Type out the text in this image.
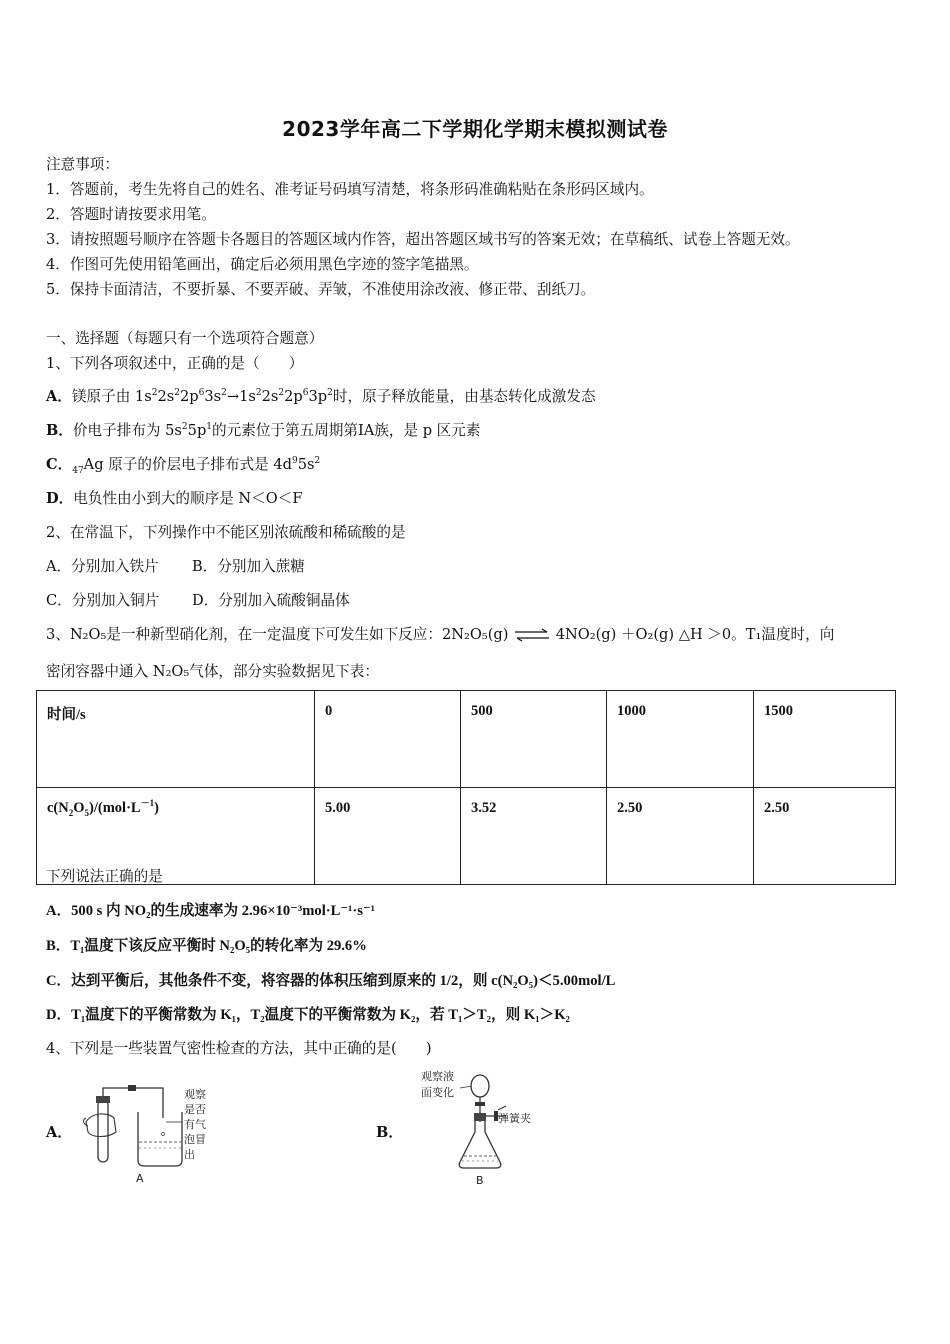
2023学年高二下学期化学期末模拟测试卷
注意事项：
1．答题前，考生先将自己的姓名、准考证号码填写清楚，将条形码准确粘贴在条形码区域内。
2．答题时请按要求用笔。
3．请按照题号顺序在答题卡各题目的答题区域内作答，超出答题区域书写的答案无效；在草稿纸、试卷上答题无效。
4．作图可先使用铅笔画出，确定后必须用黑色字迹的签字笔描黑。
5．保持卡面清洁，不要折暴、不要弄破、弄皱，不准使用涂改液、修正带、刮纸刀。
一、选择题（每题只有一个选项符合题意）
1、下列各项叙述中，正确的是（　　）
A．镁原子由 $1s^22s^22p^63s^2\to 1s^22s^22p^63p^2$时，原子释放能量，由基态转化成激发态
B．价电子排布为 $5s^25p^1$的元素位于第五周期第ⅠA族，是 p 区元素
C．$_{47}$Ag 原子的价层电子排布式是 $4d^95s^2$
D．电负性由小到大的顺序是 N＜O＜F
2、在常温下，下列操作中不能区别浓硫酸和稀硫酸的是
A．分别加入铁片 B．分别加入蔗糖
C．分别加入铜片 D．分别加入硫酸铜晶体
3、N₂O₅是一种新型硝化剂，在一定温度下可发生如下反应：2N₂O₅(g) ⇌ 4NO₂(g) ＋O₂(g) △H ＞0。T₁温度时，向
密闭容器中通入 N₂O₅气体，部分实验数据见下表：
时间/s	0	500	1000	1500
$c(N_2O_5)/(mol\cdot L^{-1})$	5.00	3.52	2.50	2.50
下列说法正确的是
A．500 s 内 NO₂的生成速率为 2.96×10⁻³mol·L⁻¹·s⁻¹
B．T₁温度下该反应平衡时 N₂O₅的转化率为 29.6%
C．达到平衡后，其他条件不变，将容器的体积压缩到原来的 1/2，则 c(N₂O₅)＜5.00mol/L
D．T₁温度下的平衡常数为 K₁，T₂温度下的平衡常数为 K₂，若 T₁＞T₂，则 K₁＞K₂
4、下列是一些装置气密性检查的方法，其中正确的是(　　)
A．	B．
观察
是否
有气
泡冒
出
A
观察液
面变化
弹簧夹
B
